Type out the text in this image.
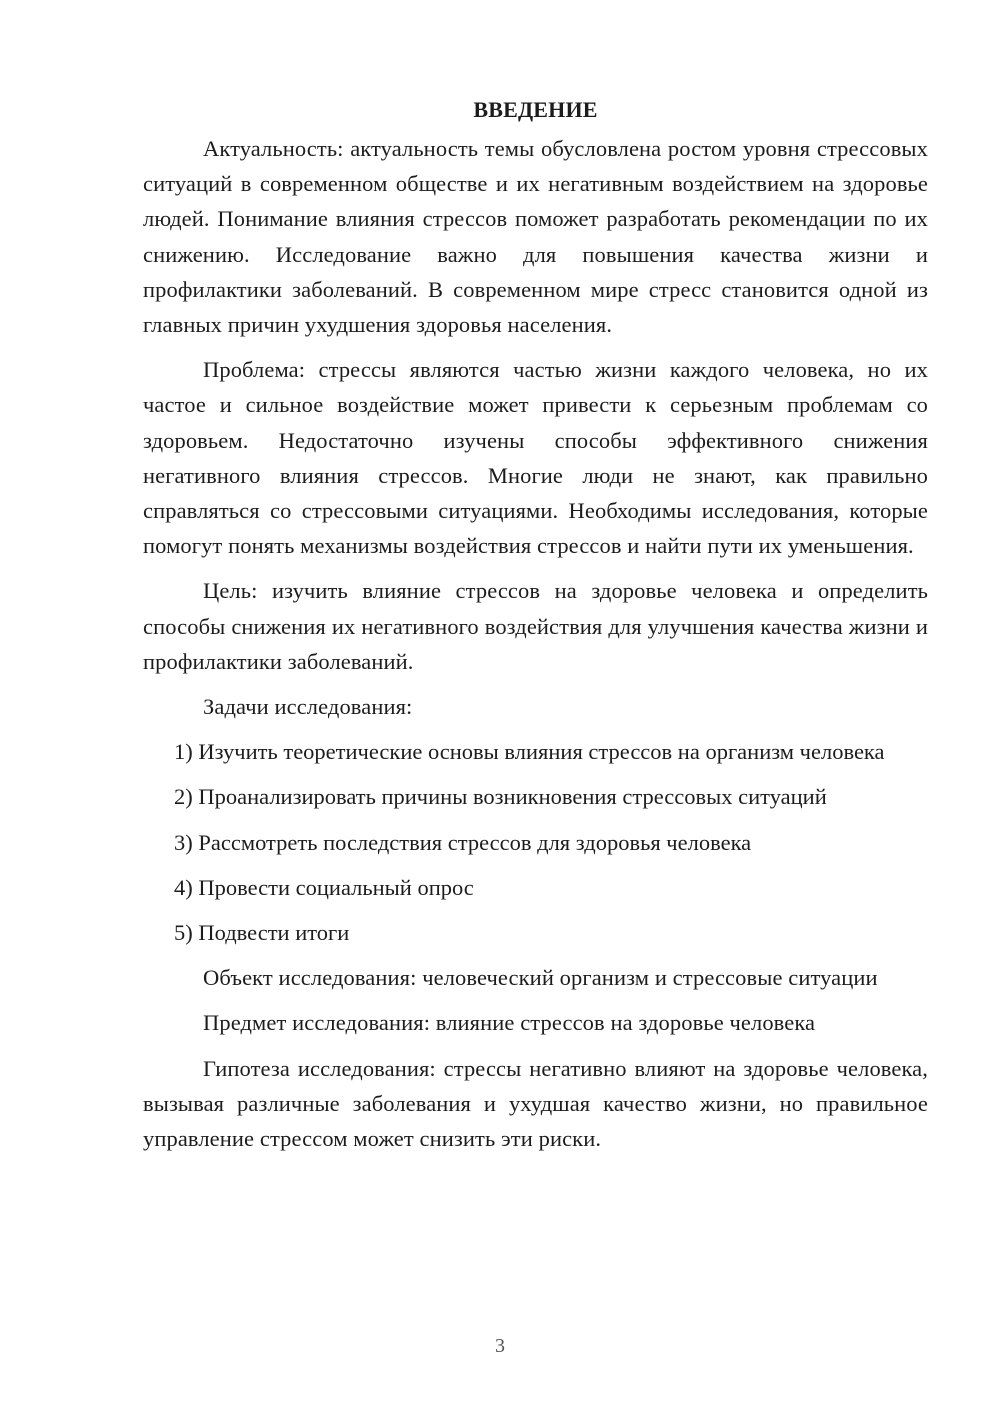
ВВЕДЕНИЕ

Актуальность: актуальность темы обусловлена ростом уровня стрессовых ситуаций в современном обществе и их негативным воздействием на здоровье людей. Понимание влияния стрессов поможет разработать рекомендации по их снижению. Исследование важно для повышения качества жизни и профилактики заболеваний. В современном мире стресс становится одной из главных причин ухудшения здоровья населения.

Проблема: стрессы являются частью жизни каждого человека, но их частое и сильное воздействие может привести к серьезным проблемам со здоровьем. Недостаточно изучены способы эффективного снижения негативного влияния стрессов. Многие люди не знают, как правильно справляться со стрессовыми ситуациями. Необходимы исследования, которые помогут понять механизмы воздействия стрессов и найти пути их уменьшения.

Цель: изучить влияние стрессов на здоровье человека и определить способы снижения их негативного воздействия для улучшения качества жизни и профилактики заболеваний.

Задачи исследования:

1) Изучить теоретические основы влияния стрессов на организм человека
2) Проанализировать причины возникновения стрессовых ситуаций
3) Рассмотреть последствия стрессов для здоровья человека
4) Провести социальный опрос
5) Подвести итоги

Объект исследования: человеческий организм и стрессовые ситуации

Предмет исследования: влияние стрессов на здоровье человека

Гипотеза исследования: стрессы негативно влияют на здоровье человека, вызывая различные заболевания и ухудшая качество жизни, но правильное управление стрессом может снизить эти риски.

3
